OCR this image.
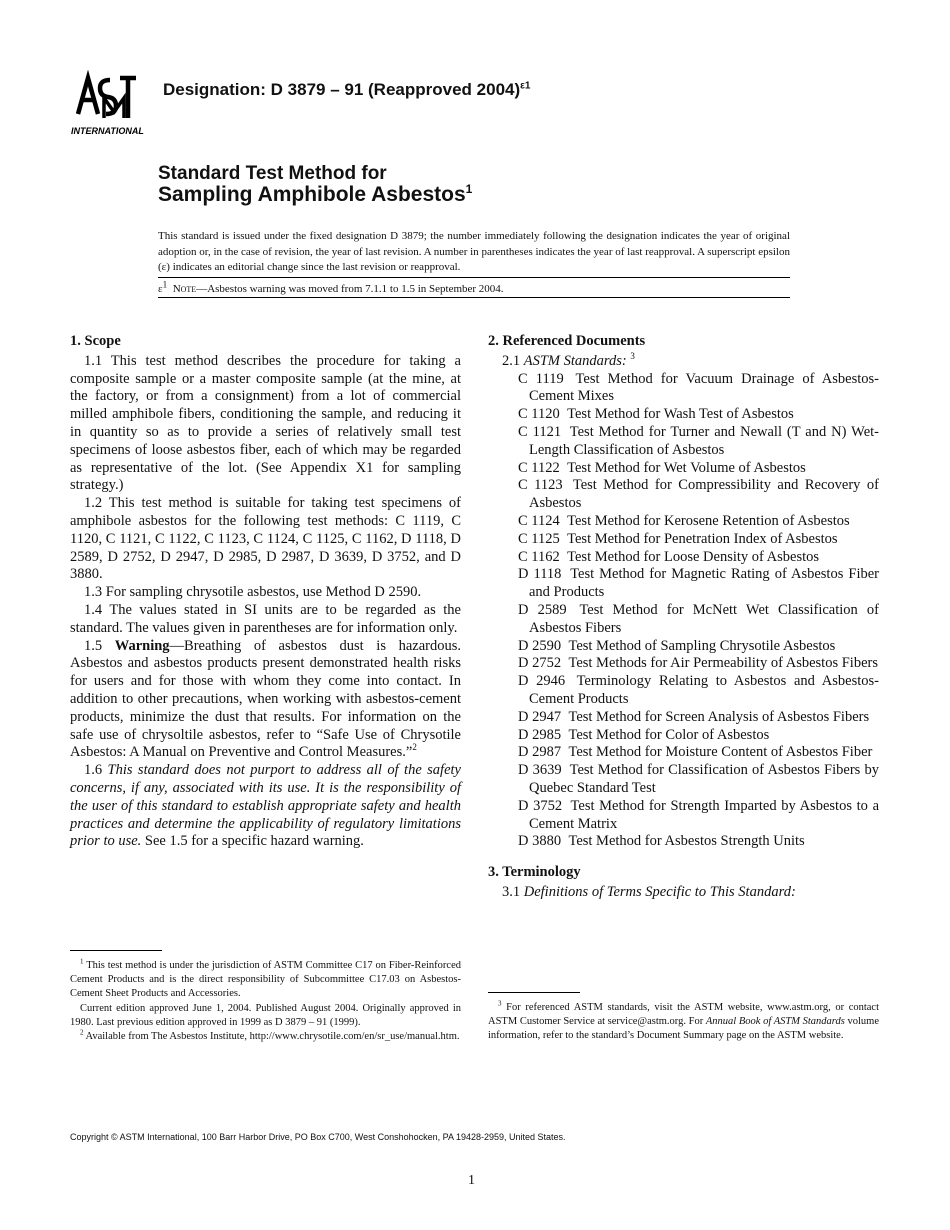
INTERNATIONAL
Designation: D 3879 – 91 (Reapproved 2004)$^{\varepsilon 1}$
Standard Test Method for
Sampling Amphibole Asbestos$^1$
This standard is issued under the fixed designation D 3879; the number immediately following the designation indicates the year of original adoption or, in the case of revision, the year of last revision. A number in parentheses indicates the year of last reapproval. A superscript epsilon (ε) indicates an editorial change since the last revision or reapproval.
$\varepsilon^1$ Note—Asbestos warning was moved from 7.1.1 to 1.5 in September 2004.
1. Scope

1.1 This test method describes the procedure for taking a composite sample or a master composite sample (at the mine, at the factory, or from a consignment) from a lot of commercial milled amphibole fibers, conditioning the sample, and reducing it in quantity so as to provide a series of relatively small test specimens of loose asbestos fiber, each of which may be regarded as representative of the lot. (See Appendix X1 for sampling strategy.)

1.2 This test method is suitable for taking test specimens of amphibole asbestos for the following test methods: C 1119, C 1120, C 1121, C 1122, C 1123, C 1124, C 1125, C 1162, D 1118, D 2589, D 2752, D 2947, D 2985, D 2987, D 3639, D 3752, and D 3880.

1.3 For sampling chrysotile asbestos, use Method D 2590.

1.4 The values stated in SI units are to be regarded as the standard. The values given in parentheses are for information only.

1.5 Warning—Breathing of asbestos dust is hazardous. Asbestos and asbestos products present demonstrated health risks for users and for those with whom they come into contact. In addition to other precautions, when working with asbestos-cement products, minimize the dust that results. For information on the safe use of chrysoltile asbestos, refer to “Safe Use of Chrysotile Asbestos: A Manual on Preventive and Control Measures.”$^2$

1.6 This standard does not purport to address all of the safety concerns, if any, associated with its use. It is the responsibility of the user of this standard to establish appropriate safety and health practices and determine the applicability of regulatory limitations prior to use. See 1.5 for a specific hazard warning.

2. Referenced Documents

2.1 ASTM Standards: $^3$

C 1119 Test Method for Vacuum Drainage of Asbestos-Cement Mixes

C 1120 Test Method for Wash Test of Asbestos

C 1121 Test Method for Turner and Newall (T and N) Wet-Length Classification of Asbestos

C 1122 Test Method for Wet Volume of Asbestos

C 1123 Test Method for Compressibility and Recovery of Asbestos

C 1124 Test Method for Kerosene Retention of Asbestos

C 1125 Test Method for Penetration Index of Asbestos

C 1162 Test Method for Loose Density of Asbestos

D 1118 Test Method for Magnetic Rating of Asbestos Fiber and Products

D 2589 Test Method for McNett Wet Classification of Asbestos Fibers

D 2590 Test Method of Sampling Chrysotile Asbestos

D 2752 Test Methods for Air Permeability of Asbestos Fibers

D 2946 Terminology Relating to Asbestos and Asbestos-Cement Products

D 2947 Test Method for Screen Analysis of Asbestos Fibers

D 2985 Test Method for Color of Asbestos

D 2987 Test Method for Moisture Content of Asbestos Fiber

D 3639 Test Method for Classification of Asbestos Fibers by Quebec Standard Test

D 3752 Test Method for Strength Imparted by Asbestos to a Cement Matrix

D 3880 Test Method for Asbestos Strength Units

3. Terminology

3.1 Definitions of Terms Specific to This Standard:

$^1$ This test method is under the jurisdiction of ASTM Committee C17 on Fiber-Reinforced Cement Products and is the direct responsibility of Subcommittee C17.03 on Asbestos-Cement Sheet Products and Accessories.

Current edition approved June 1, 2004. Published August 2004. Originally approved in 1980. Last previous edition approved in 1999 as D 3879 – 91 (1999).

$^2$ Available from The Asbestos Institute, http://www.chrysotile.com/en/sr_use/manual.htm.

$^3$ For referenced ASTM standards, visit the ASTM website, www.astm.org, or contact ASTM Customer Service at service@astm.org. For Annual Book of ASTM Standards volume information, refer to the standard’s Document Summary page on the ASTM website.

Copyright © ASTM International, 100 Barr Harbor Drive, PO Box C700, West Conshohocken, PA 19428-2959, United States.
1
